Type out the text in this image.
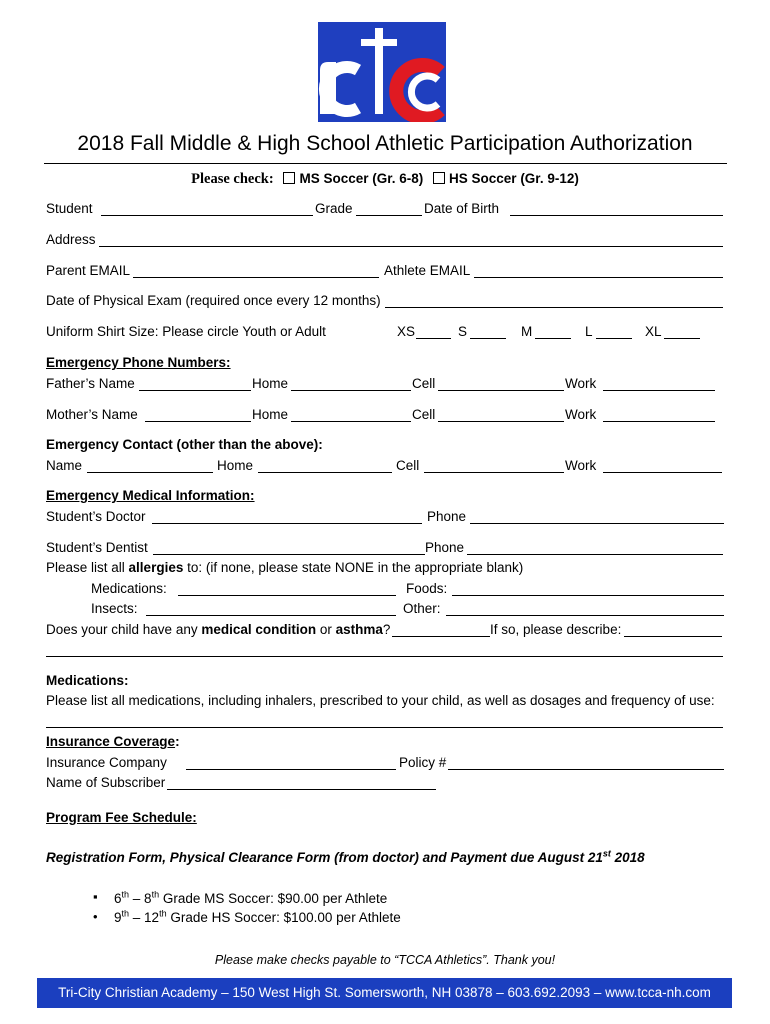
2018 Fall Middle & High School Athletic Participation Authorization
Please check: MS Soccer (Gr. 6-8) HS Soccer (Gr. 9-12)
Student	Grade	Date of Birth
Address
Parent EMAIL	Athlete EMAIL
Date of Physical Exam (required once every 12 months)
Uniform Shirt Size: Please circle Youth or Adult	XS	S	M	L	XL
Emergency Phone Numbers:
Father’s Name	Home	Cell	Work
Mother’s Name	Home	Cell	Work
Emergency Contact (other than the above):
Name	Home	Cell	Work
Emergency Medical Information:
Student’s Doctor	Phone
Student’s Dentist	Phone
Please list all allergies to: (if none, please state NONE in the appropriate blank)
Medications:	Foods:
Insects:	Other:
Does your child have any medical condition or asthma?	If so, please describe:
Medications:
Please list all medications, including inhalers, prescribed to your child, as well as dosages and frequency of use:
Insurance Coverage:
Insurance Company	Policy #
Name of Subscriber
Program Fee Schedule:
Registration Form, Physical Clearance Form (from doctor) and Payment due August 21st 2018
▪ 6th – 8th Grade MS Soccer: $90.00 per Athlete
• 9th – 12th Grade HS Soccer: $100.00 per Athlete
Please make checks payable to “TCCA Athletics”. Thank you!
Tri-City Christian Academy – 150 West High St. Somersworth, NH 03878 – 603.692.2093 – www.tcca-nh.com
